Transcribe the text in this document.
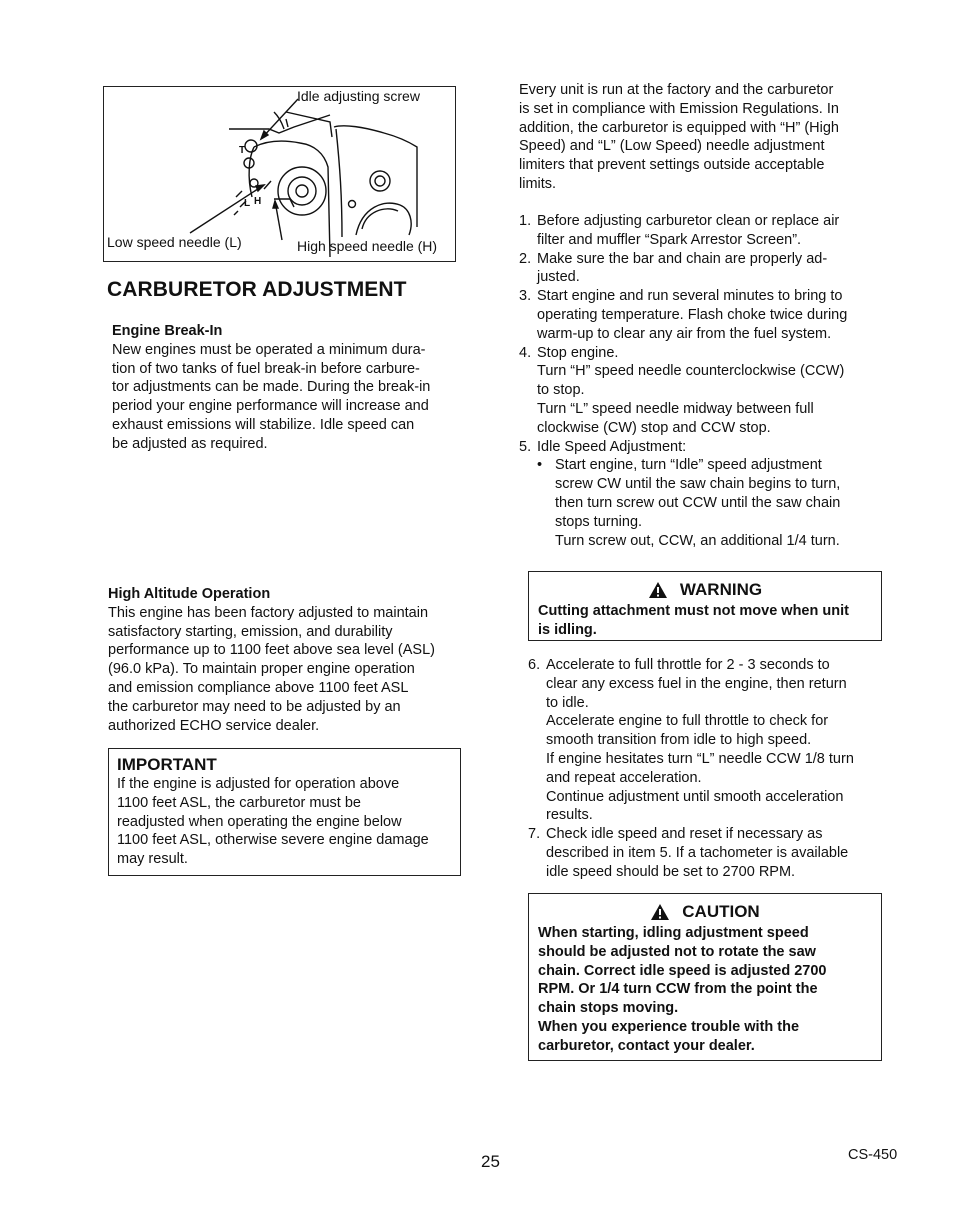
T
L H
Idle adjusting screw
Low speed needle (L)	High speed needle (H)
CARBURETOR ADJUSTMENT

Engine Break-In

New engines must be operated a minimum dura-

tion of two tanks of fuel break-in before carbure-

tor adjustments can be made. During the break-in

period your engine performance will increase and

exhaust emissions will stabilize. Idle speed can

be adjusted as required.

High Altitude Operation

This engine has been factory adjusted to maintain

satisfactory starting, emission, and durability

performance up to 1100 feet above sea level (ASL)

(96.0 kPa). To maintain proper engine operation

and emission compliance above 1100 feet ASL

the carburetor may need to be adjusted by an

authorized ECHO service dealer.

IMPORTANT

If the engine is adjusted for operation above

1100 feet ASL, the carburetor must be

readjusted when operating the engine below

1100 feet ASL, otherwise severe engine damage

may result.

Every unit is run at the factory and the carburetor

is set in compliance with Emission Regulations. In

addition, the carburetor is equipped with “H” (High

Speed) and “L” (Low Speed) needle adjustment

limiters that prevent settings outside acceptable

limits.

1. Before adjusting carburetor clean or replace air

filter and muffler “Spark Arrestor Screen”.

2. Make sure the bar and chain are properly ad-

justed.

3. Start engine and run several minutes to bring to

operating temperature. Flash choke twice during

warm-up to clear any air from the fuel system.

4. Stop engine.

Turn “H” speed needle counterclockwise (CCW)

to stop.

Turn “L” speed needle midway between full

clockwise (CW) stop and CCW stop.

5. Idle Speed Adjustment:

• Start engine, turn “Idle” speed adjustment

screw CW until the saw chain begins to turn,

then turn screw out CCW until the saw chain

stops turning.

Turn screw out, CCW, an additional 1/4 turn.

WARNING

Cutting attachment must not move when unit

is idling.

6. Accelerate to full throttle for 2 - 3 seconds to

clear any excess fuel in the engine, then return

to idle.

Accelerate engine to full throttle to check for

smooth transition from idle to high speed.

If engine hesitates turn “L” needle CCW 1/8 turn

and repeat acceleration.

Continue adjustment until smooth acceleration

results.

7. Check idle speed and reset if necessary as

described in item 5. If a tachometer is available

idle speed should be set to 2700 RPM.

CAUTION

When starting, idling adjustment speed

should be adjusted not to rotate the saw

chain. Correct idle speed is adjusted 2700

RPM. Or 1/4 turn CCW from the point the

chain stops moving.

When you experience trouble with the

carburetor, contact your dealer.

25	CS-450
